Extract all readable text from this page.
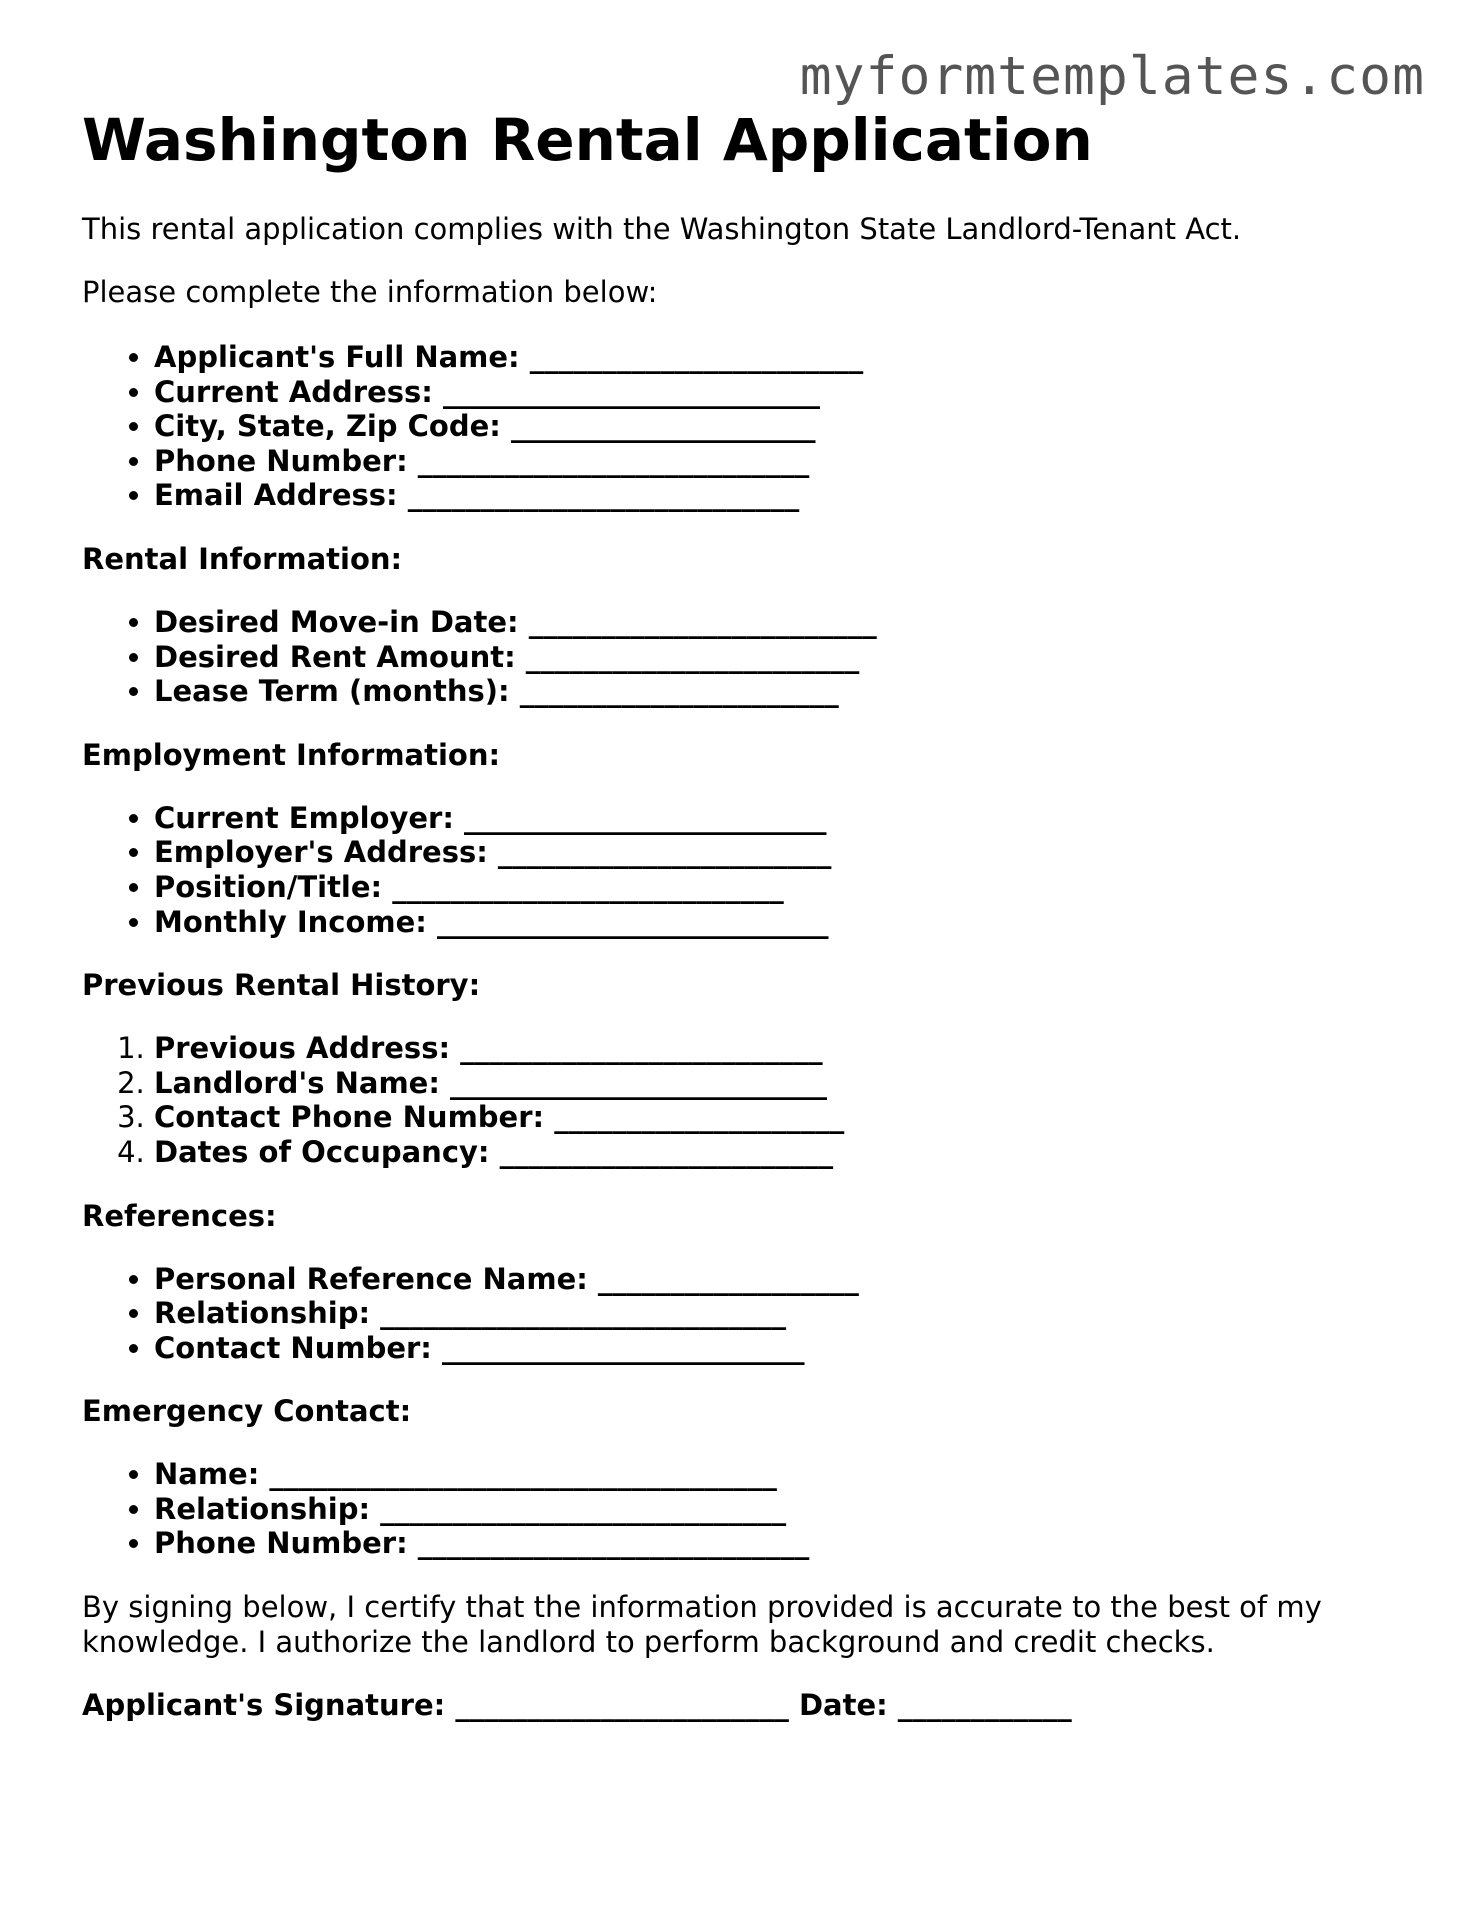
myformtemplates.com
Washington Rental Application

This rental application complies with the Washington State Landlord-Tenant Act.

Please complete the information below:

• Applicant's Full Name: _______________________
• Current Address: __________________________
• City, State, Zip Code: _____________________
• Phone Number: ___________________________
• Email Address: ___________________________
Rental Information:
• Desired Move-in Date: ________________________
• Desired Rent Amount: _______________________
• Lease Term (months): ______________________
Employment Information:
• Current Employer: _________________________
• Employer's Address: _______________________
• Position/Title: ___________________________
• Monthly Income: ___________________________
Previous Rental History:
1. Previous Address: _________________________
2. Landlord's Name: __________________________
3. Contact Phone Number: ____________________
4. Dates of Occupancy: _______________________
References:
• Personal Reference Name: __________________
• Relationship: ____________________________
• Contact Number: _________________________
Emergency Contact:
• Name: ___________________________________
• Relationship: ____________________________
• Phone Number: ___________________________

By signing below, I certify that the information provided is accurate to the best of my knowledge. I authorize the landlord to perform background and credit checks.

Applicant's Signature: _______________________ Date: ____________
